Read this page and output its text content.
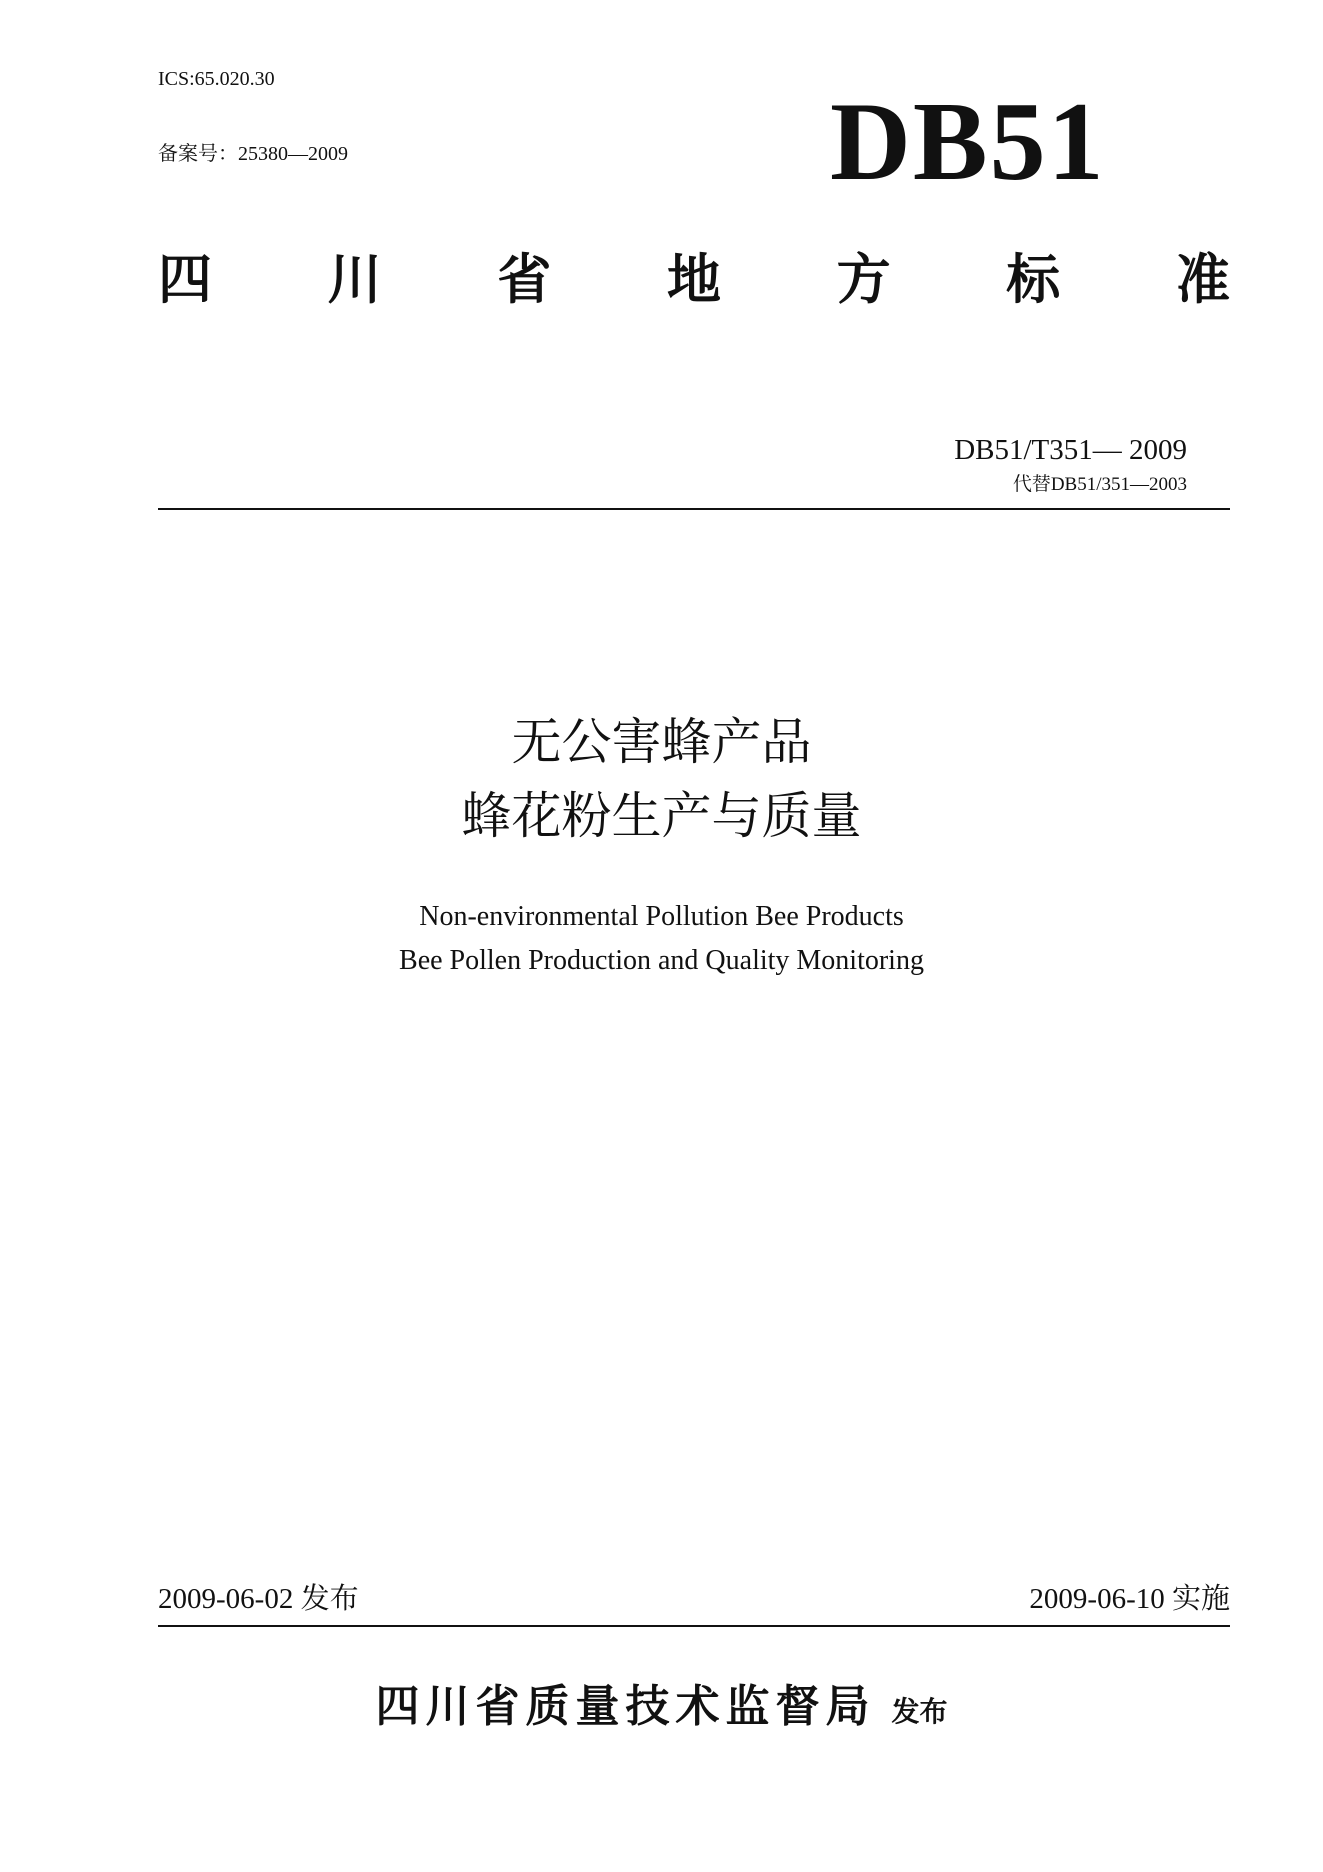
ICS:65.020.30
备案号：25380—2009	DB51
四 川 省 地 方 标 准
DB51/T351— 2009
代替DB51/351—2003
无公害蜂产品
蜂花粉生产与质量
Non-environmental Pollution Bee Products
Bee Pollen Production and Quality Monitoring
2009-06-02 发布	2009-06-10 实施
四川省质量技术监督局 发布
